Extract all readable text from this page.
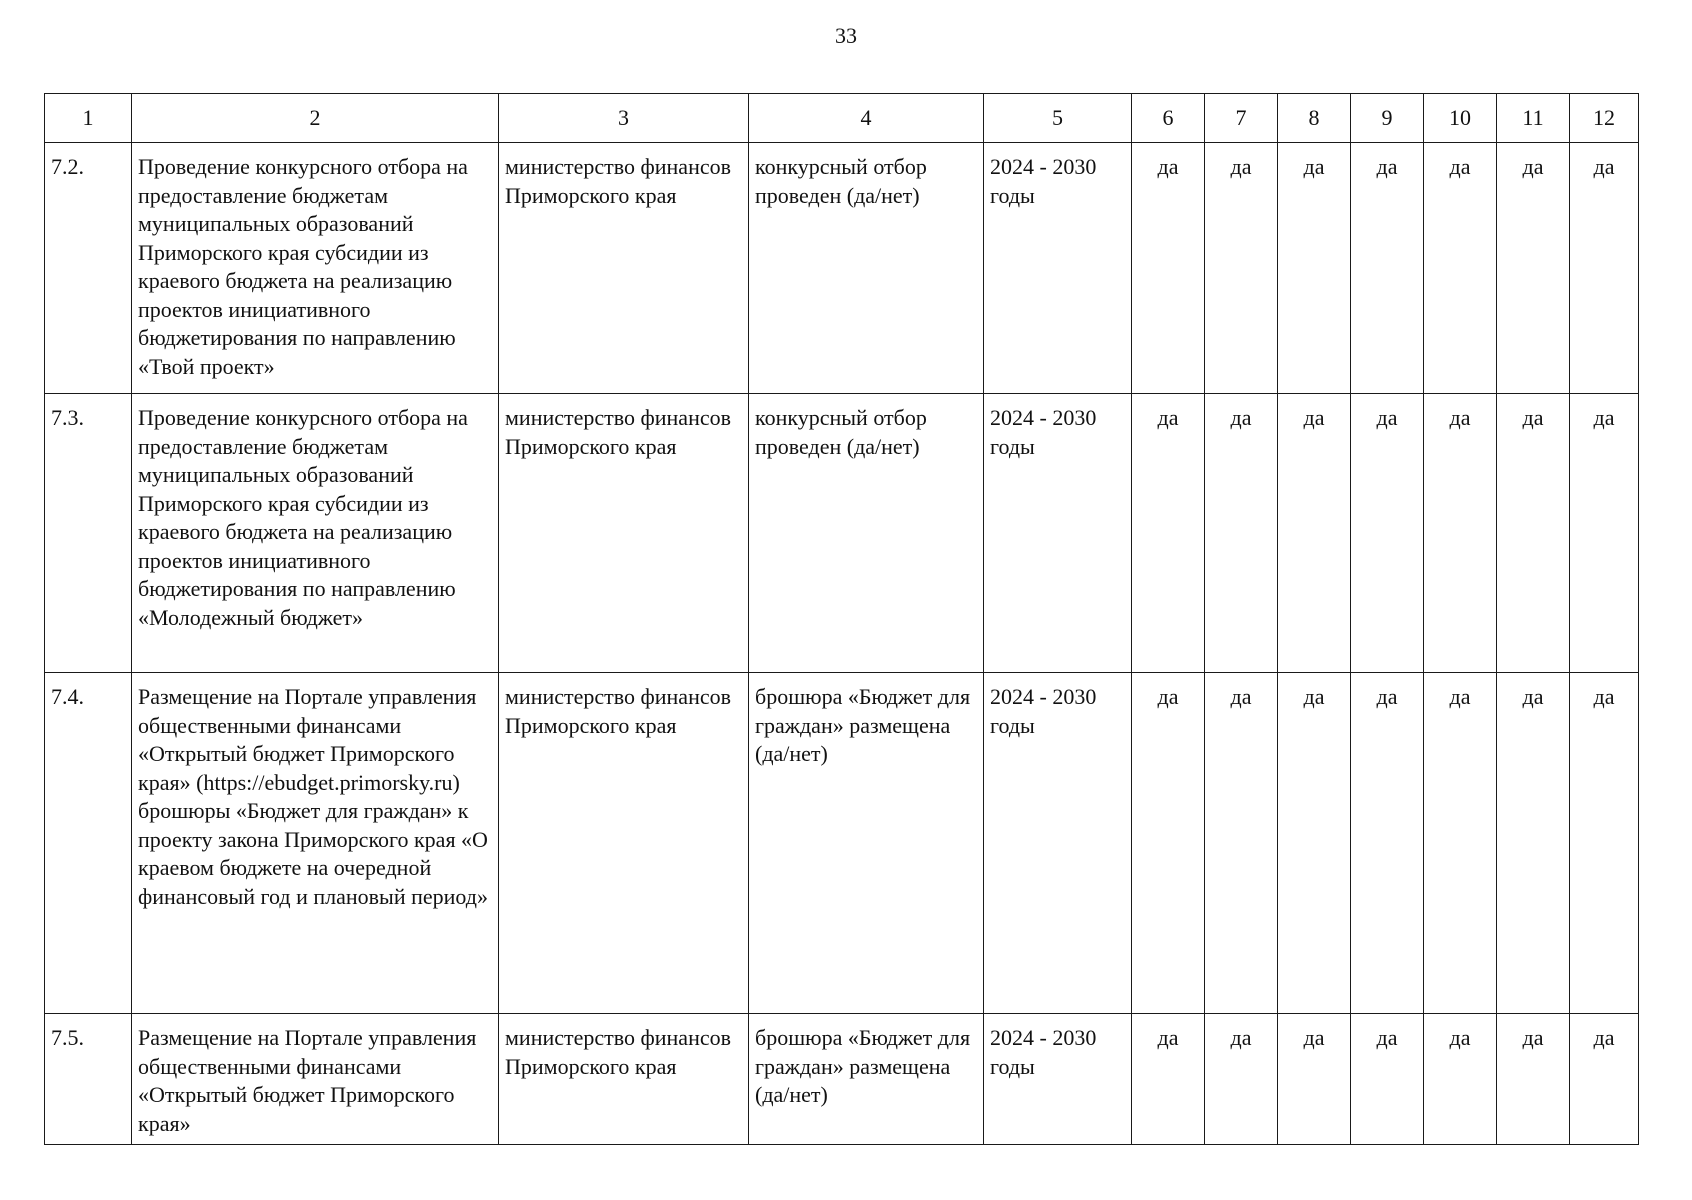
33
1	2	3	4	5	6	7	8	9	10	11	12
7.2.	Проведение конкурсного отбора на предоставление бюджетам муниципальных образований Приморского края субсидии из краевого бюджета на реализацию проектов инициативного бюджетирования по направлению «Твой проект»	министерство финансов Приморского края	конкурсный отбор проведен (да/нет)	2024 - 2030 годы	да	да	да	да	да	да	да
7.3.	Проведение конкурсного отбора на предоставление бюджетам муниципальных образований Приморского края субсидии из краевого бюджета на реализацию проектов инициативного бюджетирования по направлению «Молодежный бюджет»	министерство финансов Приморского края	конкурсный отбор проведен (да/нет)	2024 - 2030 годы	да	да	да	да	да	да	да
7.4.	Размещение на Портале управления общественными финансами «Открытый бюджет Приморского края» (https://ebudget.primorsky.ru) брошюры «Бюджет для граждан» к проекту закона Приморского края «О краевом бюджете на очередной финансовый год и плановый период»	министерство финансов Приморского края	брошюра «Бюджет для граждан» размещена (да/нет)	2024 - 2030 годы	да	да	да	да	да	да	да
7.5.	Размещение на Портале управления общественными финансами «Открытый бюджет Приморского края»	министерство финансов Приморского края	брошюра «Бюджет для граждан» размещена (да/нет)	2024 - 2030 годы	да	да	да	да	да	да	да
